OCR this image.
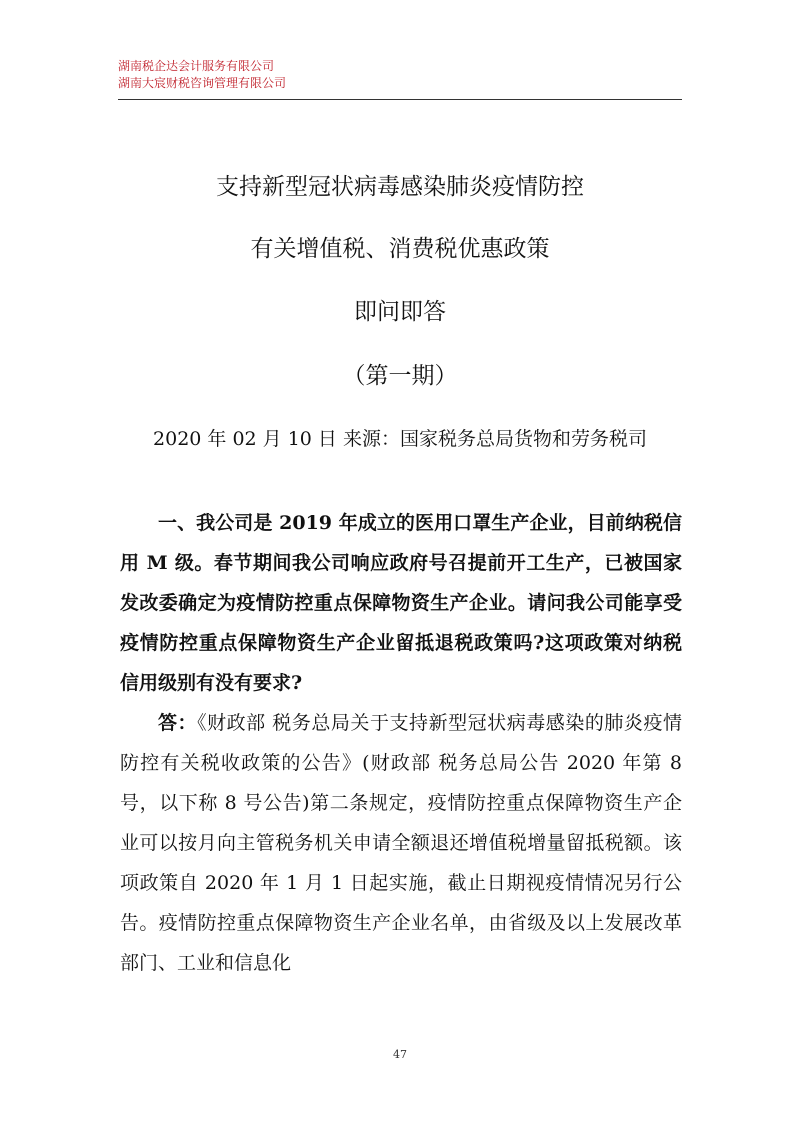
湖南税企达会计服务有限公司
湖南大宸财税咨询管理有限公司
支持新型冠状病毒感染肺炎疫情防控
有关增值税、消费税优惠政策
即问即答
（第一期）
2020 年 02 月 10 日 来源：国家税务总局货物和劳务税司

一、我公司是 2019 年成立的医用口罩生产企业，目前纳税信用 M 级。春节期间我公司响应政府号召提前开工生产，已被国家发改委确定为疫情防控重点保障物资生产企业。请问我公司能享受疫情防控重点保障物资生产企业留抵退税政策吗?这项政策对纳税信用级别有没有要求?

答：《财政部 税务总局关于支持新型冠状病毒感染的肺炎疫情防控有关税收政策的公告》(财政部 税务总局公告 2020 年第 8 号，以下称 8 号公告)第二条规定，疫情防控重点保障物资生产企业可以按月向主管税务机关申请全额退还增值税增量留抵税额。该项政策自 2020 年 1 月 1 日起实施，截止日期视疫情情况另行公告。疫情防控重点保障物资生产企业名单，由省级及以上发展改革部门、工业和信息化

47
